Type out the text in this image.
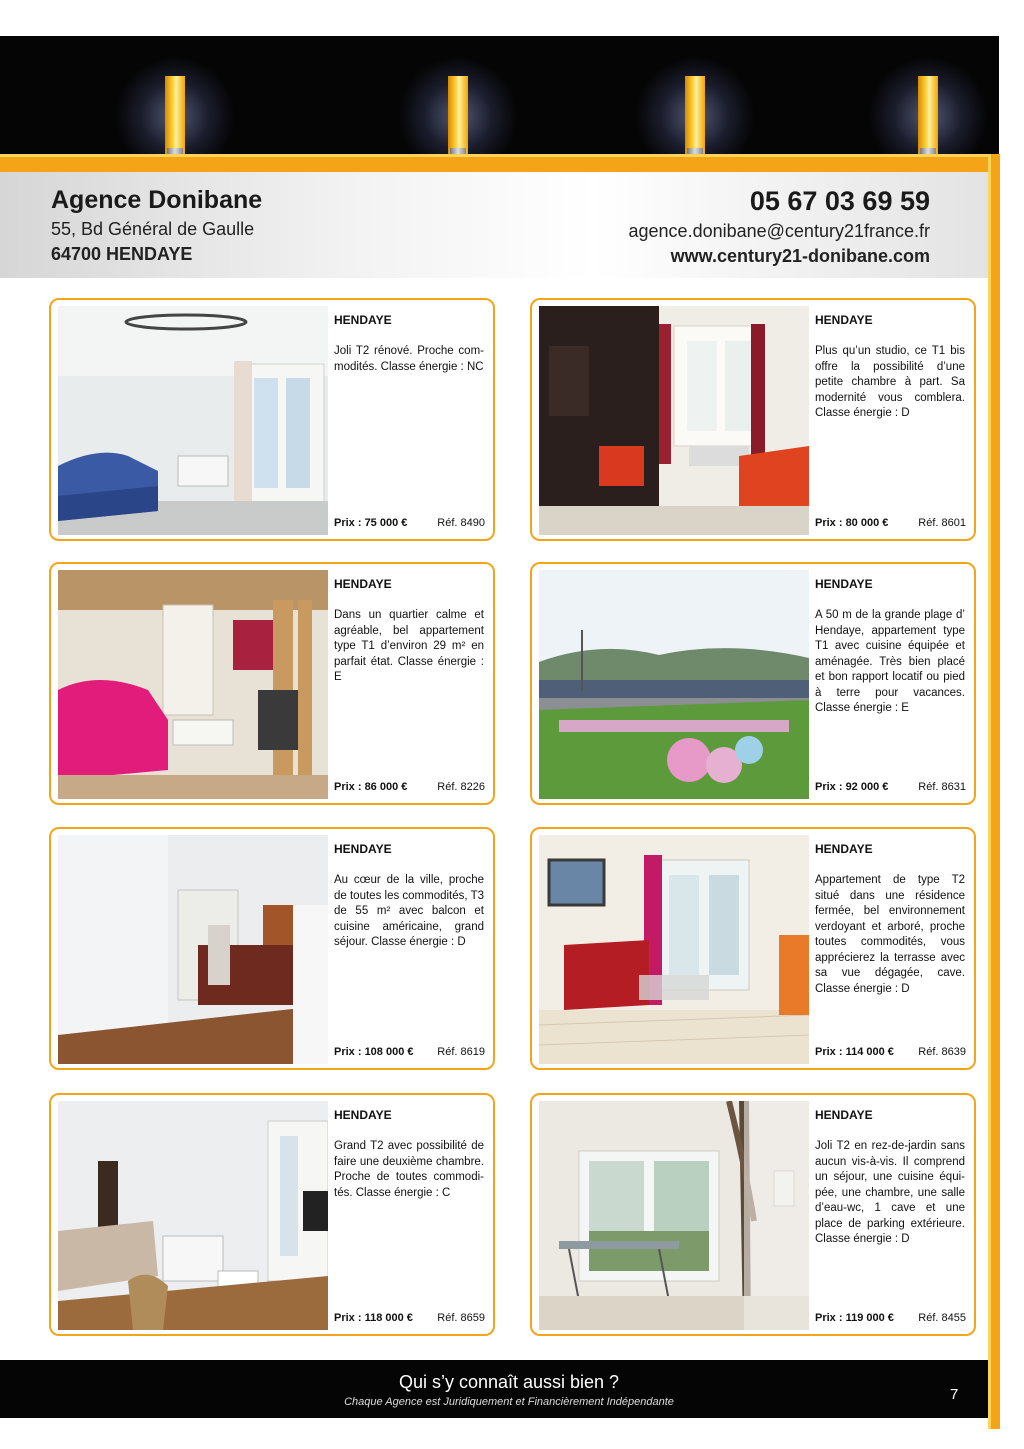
Agence Donibane
55, Bd Général de Gaulle
64700 HENDAYE
05 67 03 69 59
agence.donibane@century21france.fr
www.century21-donibane.com
HENDAYE
Joli T2 rénové. Proche commodités. Classe énergie : NC
Prix : 75 000 €	Réf. 8490
HENDAYE
Plus qu’un studio, ce T1 bis offre la possibilité d’une petite chambre à part. Sa modernité vous comblera. Classe énergie : D
Prix : 80 000 €	Réf. 8601
HENDAYE
Dans un quartier calme et agréable, bel appartement type T1 d’environ 29 m² en parfait état. Classe énergie : E
Prix : 86 000 €	Réf. 8226
HENDAYE
A 50 m de la grande plage d’ Hendaye, appartement type T1 avec cuisine équipée et aménagée. Très bien placé et bon rapport locatif ou pied à terre pour vacances. Classe énergie : E
Prix : 92 000 €	Réf. 8631
HENDAYE
Au cœur de la ville, proche de toutes les commodités, T3 de 55 m² avec balcon et cuisine américaine, grand séjour. Classe énergie : D
Prix : 108 000 € Réf. 8619
HENDAYE
Appartement de type T2 situé dans une résidence fermée, bel environnement verdoyant et arboré, proche toutes commodités, vous apprécierez la terrasse avec sa vue dégagée, cave. Classe énergie : D
Prix : 114 000 € Réf. 8639
HENDAYE
Grand T2 avec possibilité de faire une deuxième chambre. Proche de toutes commodités. Classe énergie : C
Prix : 118 000 € Réf. 8659
HENDAYE
Joli T2 en rez-de-jardin sans aucun vis-à-vis. Il comprend un séjour, une cuisine équipée, une chambre, une salle d’eau-wc, 1 cave et une place de parking extérieure. Classe énergie : D
Prix : 119 000 € Réf. 8455
Qui s’y connaît aussi bien ?
Chaque Agence est Juridiquement et Financièrement Indépendante	7
